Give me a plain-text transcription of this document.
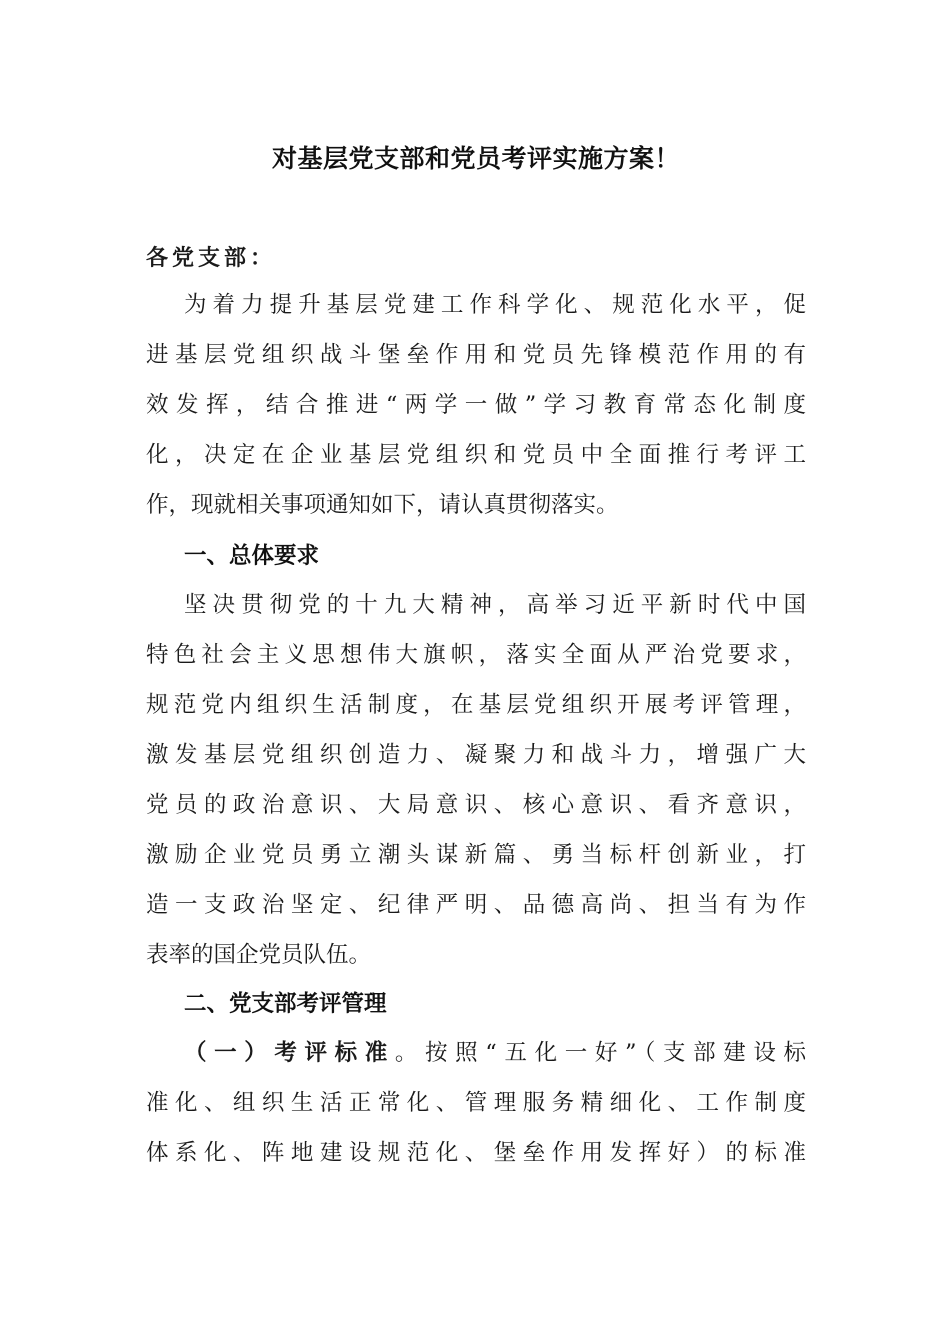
对基层党支部和党员考评实施方案！
各党支部：
为着力提升基层党建工作科学化、规范化水平，促
进基层党组织战斗堡垒作用和党员先锋模范作用的有
效发挥，结合推进“两学一做”学习教育常态化制度
化，决定在企业基层党组织和党员中全面推行考评工
作，现就相关事项通知如下，请认真贯彻落实。
一、总体要求
坚决贯彻党的十九大精神，高举习近平新时代中国
特色社会主义思想伟大旗帜，落实全面从严治党要求，
规范党内组织生活制度，在基层党组织开展考评管理，
激发基层党组织创造力、凝聚力和战斗力，增强广大
党员的政治意识、大局意识、核心意识、看齐意识，
激励企业党员勇立潮头谋新篇、勇当标杆创新业，打
造一支政治坚定、纪律严明、品德高尚、担当有为作
表率的国企党员队伍。
二、党支部考评管理
（一）考评标准。按照“五化一好”（支部建设标
准化、组织生活正常化、管理服务精细化、工作制度
体系化、阵地建设规范化、堡垒作用发挥好）的标准
